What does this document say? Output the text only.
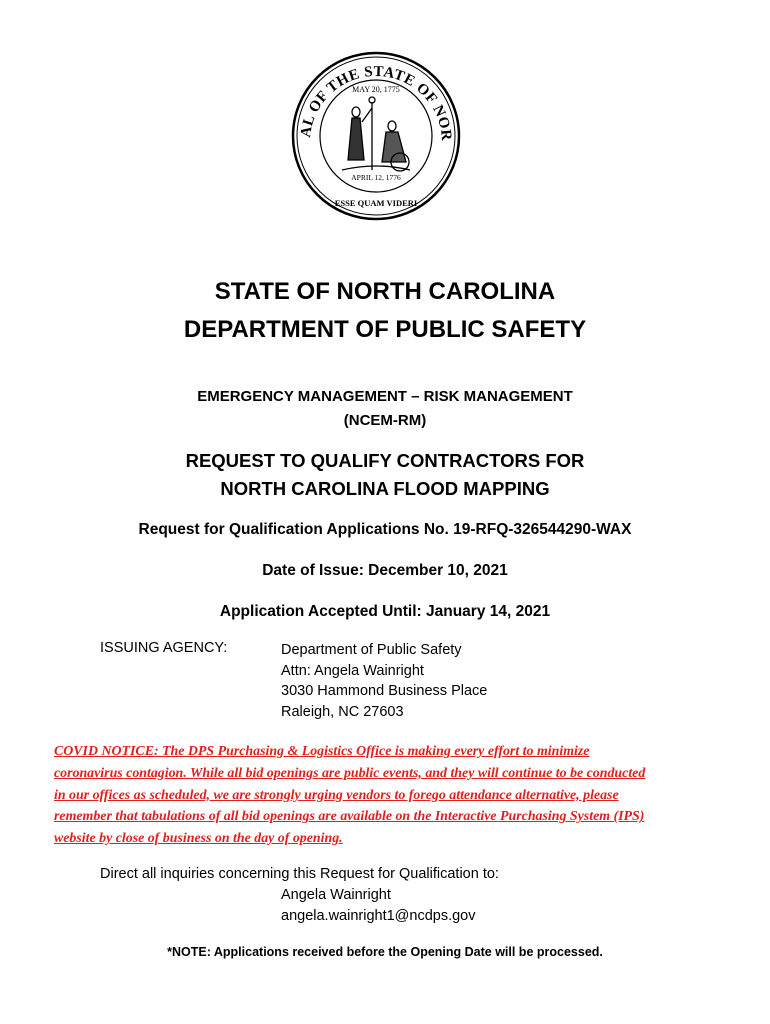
AL OF THE STATE OF NOR
MAY 20, 1775
APRIL 12, 1776
ESSE QUAM VIDERI
STATE OF NORTH CAROLINA
DEPARTMENT OF PUBLIC SAFETY
EMERGENCY MANAGEMENT – RISK MANAGEMENT
(NCEM-RM)
REQUEST TO QUALIFY CONTRACTORS FOR
NORTH CAROLINA FLOOD MAPPING
Request for Qualification Applications No. 19-RFQ-326544290-WAX
Date of Issue: December 10, 2021
Application Accepted Until: January 14, 2021
ISSUING AGENCY:	Department of Public Safety
Attn: Angela Wainright
3030 Hammond Business Place
Raleigh, NC 27603
COVID NOTICE: The DPS Purchasing & Logistics Office is making every effort to minimize
coronavirus contagion. While all bid openings are public events, and they will continue to be conducted
in our offices as scheduled, we are strongly urging vendors to forego attendance alternative, please
remember that tabulations of all bid openings are available on the Interactive Purchasing System (IPS)
website by close of business on the day of opening.
Direct all inquiries concerning this Request for Qualification to:
Angela Wainright
angela.wainright1@ncdps.gov
*NOTE: Applications received before the Opening Date will be processed.
